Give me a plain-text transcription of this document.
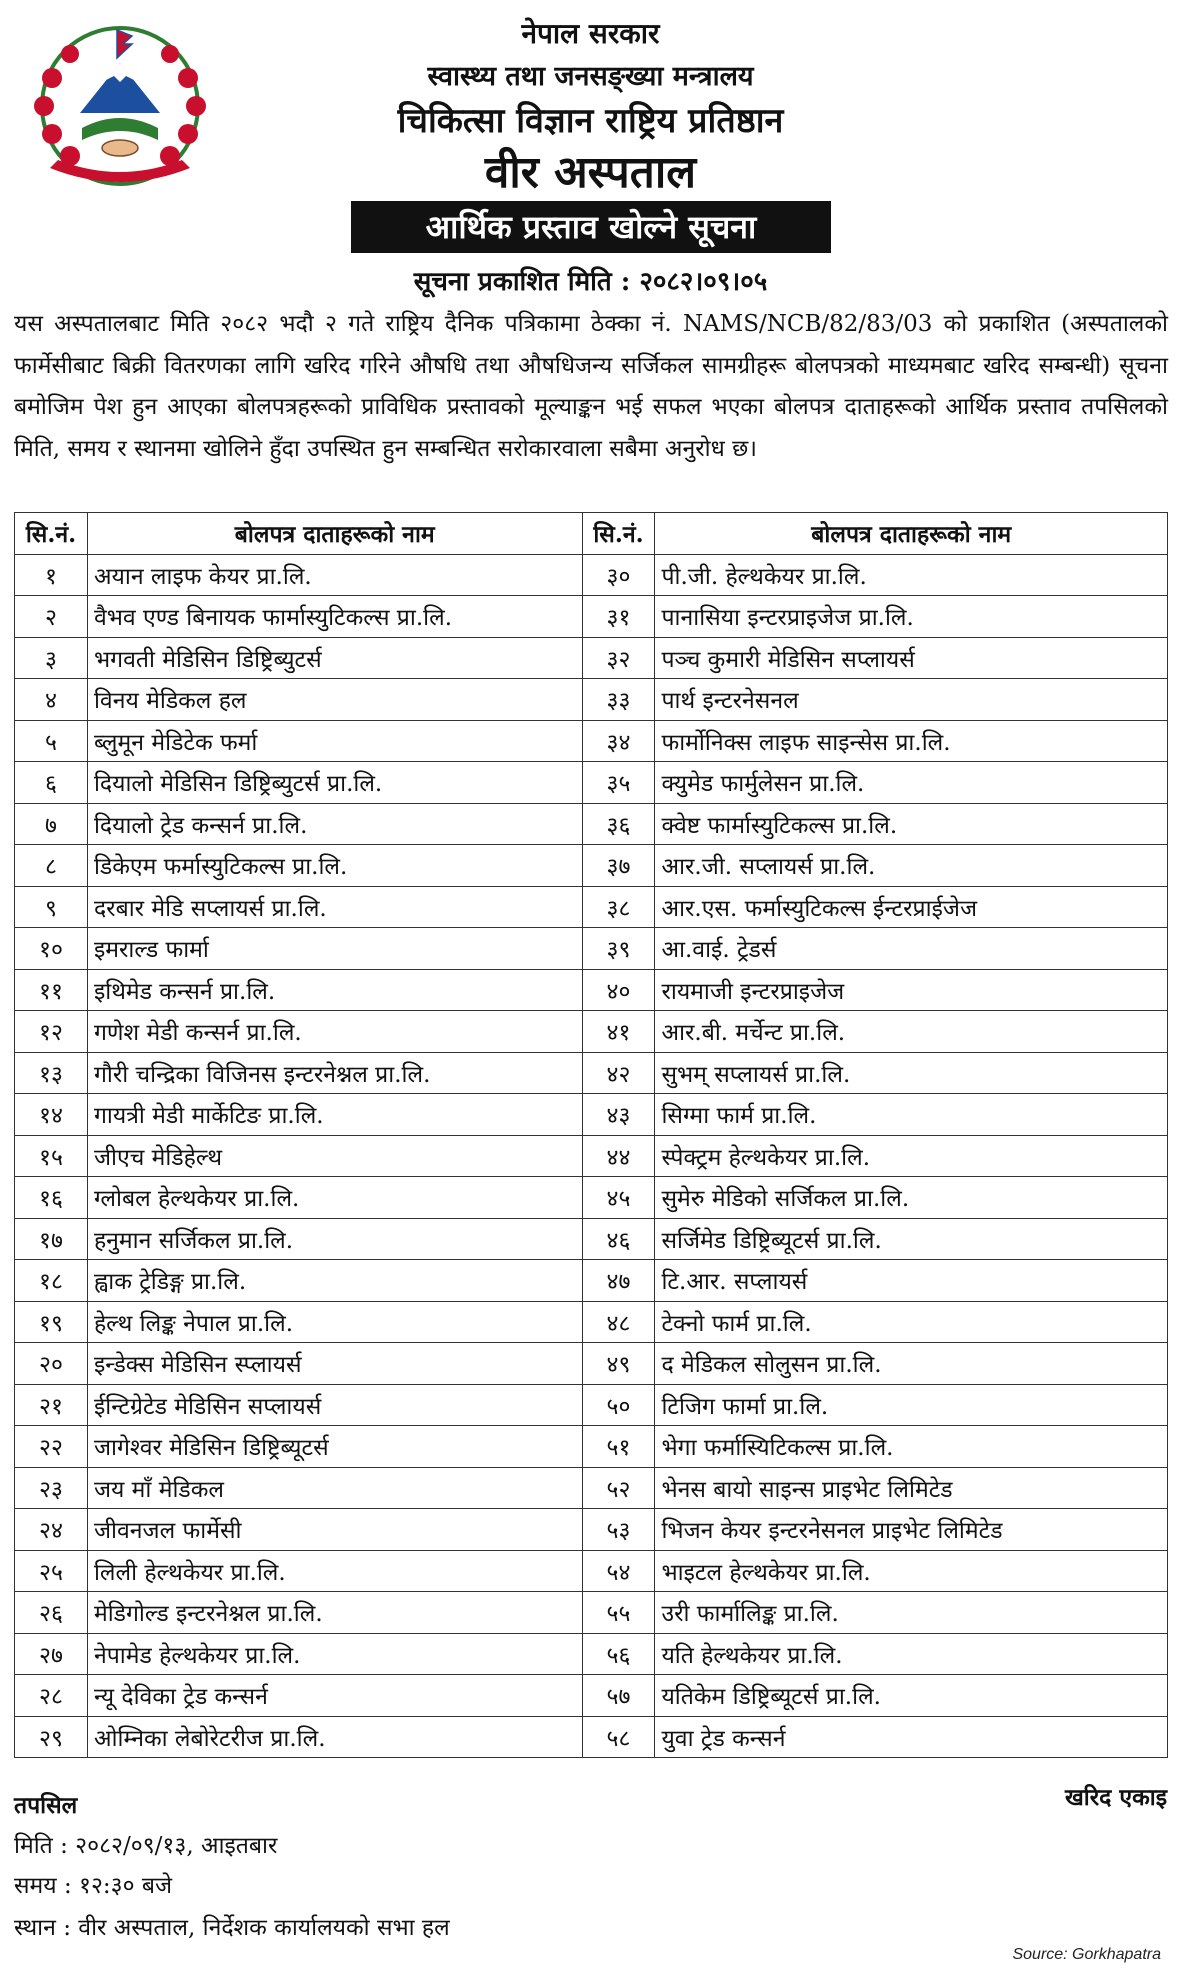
नेपाल सरकार
स्वास्थ्य तथा जनसङ्ख्या मन्त्रालय
चिकित्सा विज्ञान राष्ट्रिय प्रतिष्ठान
वीर अस्पताल
आर्थिक प्रस्ताव खोल्ने सूचना
सूचना प्रकाशित मिति : २०८२।०९।०५

यस अस्पतालबाट मिति २०८२ भदौ २ गते राष्ट्रिय दैनिक पत्रिकामा ठेक्का नं. NAMS/NCB/82/83/03 को प्रकाशित (अस्पतालको फार्मेसीबाट बिक्री वितरणका लागि खरिद गरिने औषधि तथा औषधिजन्य सर्जिकल सामग्रीहरू बोलपत्रको माध्यमबाट खरिद सम्बन्धी) सूचना बमोजिम पेश हुन आएका बोलपत्रहरूको प्राविधिक प्रस्तावको मूल्याङ्कन भई सफल भएका बोलपत्र दाताहरूको आर्थिक प्रस्ताव तपसिलको मिति, समय र स्थानमा खोलिने हुँदा उपस्थित हुन सम्बन्धित सरोकारवाला सबैमा अनुरोध छ।

सि.नं.	बोलपत्र दाताहरूको नाम	सि.नं.	बोलपत्र दाताहरूको नाम
१	अयान लाइफ केयर प्रा.लि.	३०	पी.जी. हेल्थकेयर प्रा.लि.
२	वैभव एण्ड बिनायक फार्मास्युटिकल्स प्रा.लि.	३१	पानासिया इन्टरप्राइजेज प्रा.लि.
३	भगवती मेडिसिन डिष्ट्रिब्युटर्स	३२	पञ्च कुमारी मेडिसिन सप्लायर्स
४	विनय मेडिकल हल	३३	पार्थ इन्टरनेसनल
५	ब्लुमून मेडिटेक फर्मा	३४	फार्मोनिक्स लाइफ साइन्सेस प्रा.लि.
६	दियालो मेडिसिन डिष्ट्रिब्युटर्स प्रा.लि.	३५	क्युमेड फार्मुलेसन प्रा.लि.
७	दियालो ट्रेड कन्सर्न प्रा.लि.	३६	क्वेष्ट फार्मास्युटिकल्स प्रा.लि.
८	डिकेएम फर्मास्युटिकल्स प्रा.लि.	३७	आर.जी. सप्लायर्स प्रा.लि.
९	दरबार मेडि सप्लायर्स प्रा.लि.	३८	आर.एस. फर्मास्युटिकल्स ईन्टरप्राईजेज
१०	इमराल्ड फार्मा	३९	आ.वाई. ट्रेडर्स
११	इथिमेड कन्सर्न प्रा.लि.	४०	रायमाजी इन्टरप्राइजेज
१२	गणेश मेडी कन्सर्न प्रा.लि.	४१	आर.बी. मर्चेन्ट प्रा.लि.
१३	गौरी चन्द्रिका विजिनस इन्टरनेश्नल प्रा.लि.	४२	सुभम् सप्लायर्स प्रा.लि.
१४	गायत्री मेडी मार्केटिङ प्रा.लि.	४३	सिग्मा फार्म प्रा.लि.
१५	जीएच मेडिहेल्थ	४४	स्पेक्ट्रम हेल्थकेयर प्रा.लि.
१६	ग्लोबल हेल्थकेयर प्रा.लि.	४५	सुमेरु मेडिको सर्जिकल प्रा.लि.
१७	हनुमान सर्जिकल प्रा.लि.	४६	सर्जिमेड डिष्ट्रिब्यूटर्स प्रा.लि.
१८	ह्वाक ट्रेडिङ्ग प्रा.लि.	४७	टि.आर. सप्लायर्स
१९	हेल्थ लिङ्क नेपाल प्रा.लि.	४८	टेक्नो फार्म प्रा.लि.
२०	इन्डेक्स मेडिसिन स्प्लायर्स	४९	द मेडिकल सोलुसन प्रा.लि.
२१	ईन्टिग्रेटेड मेडिसिन सप्लायर्स	५०	टिजिग फार्मा प्रा.लि.
२२	जागेश्वर मेडिसिन डिष्ट्रिब्यूटर्स	५१	भेगा फर्मास्यिटिकल्स प्रा.लि.
२३	जय माँ मेडिकल	५२	भेनस बायो साइन्स प्राइभेट लिमिटेड
२४	जीवनजल फार्मेसी	५३	भिजन केयर इन्टरनेसनल प्राइभेट लिमिटेड
२५	लिली हेल्थकेयर प्रा.लि.	५४	भाइटल हेल्थकेयर प्रा.लि.
२६	मेडिगोल्ड इन्टरनेश्नल प्रा.लि.	५५	उरी फार्मालिङ्क प्रा.लि.
२७	नेपामेड हेल्थकेयर प्रा.लि.	५६	यति हेल्थकेयर प्रा.लि.
२८	न्यू देविका ट्रेड कन्सर्न	५७	यतिकेम डिष्ट्रिब्यूटर्स प्रा.लि.
२९	ओम्निका लेबोरेटरीज प्रा.लि.	५८	युवा ट्रेड कन्सर्न
तपसिल	खरिद एकाइ
मिति : २०८२/०९/१३, आइतबार
समय : १२:३० बजे
स्थान : वीर अस्पताल, निर्देशक कार्यालयको सभा हल
Source: Gorkhapatra
